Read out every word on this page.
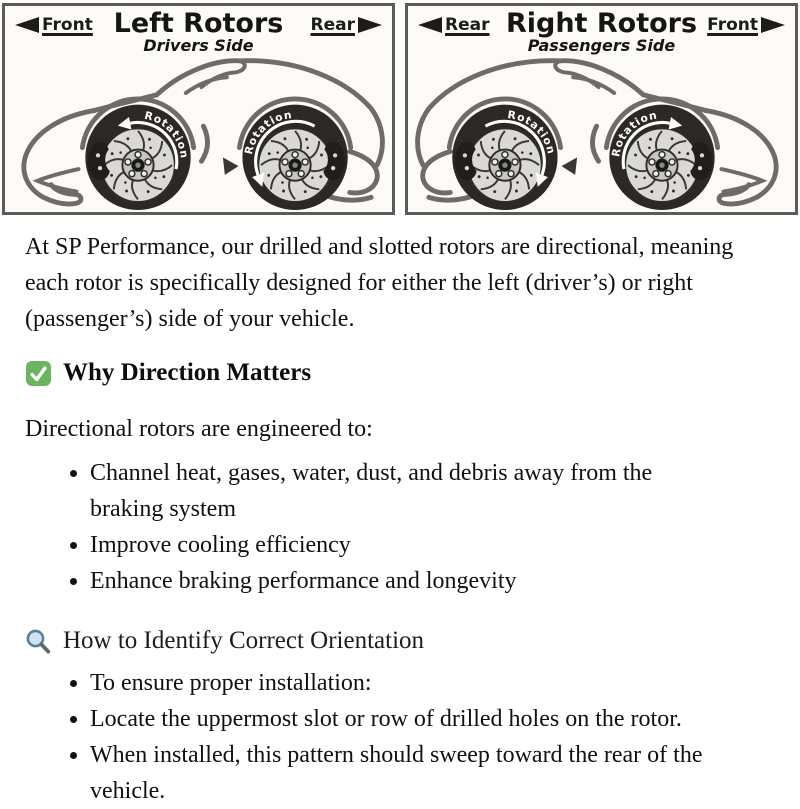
Front Left Rotors
Drivers Side
Rear
Rotation	Rotation
Rear Right Rotors
Passengers Side
Front
Rotation	Rotation

At SP Performance, our drilled and slotted rotors are directional, meaning each rotor is specifically designed for either the left (driver’s) or right (passenger’s) side of your vehicle.

Why Direction Matters

Directional rotors are engineered to:

• Channel heat, gases, water, dust, and debris away from the braking system
• Improve cooling efficiency
• Enhance braking performance and longevity
How to Identify Correct Orientation
• To ensure proper installation:
• Locate the uppermost slot or row of drilled holes on the rotor.
• When installed, this pattern should sweep toward the rear of the vehicle.
